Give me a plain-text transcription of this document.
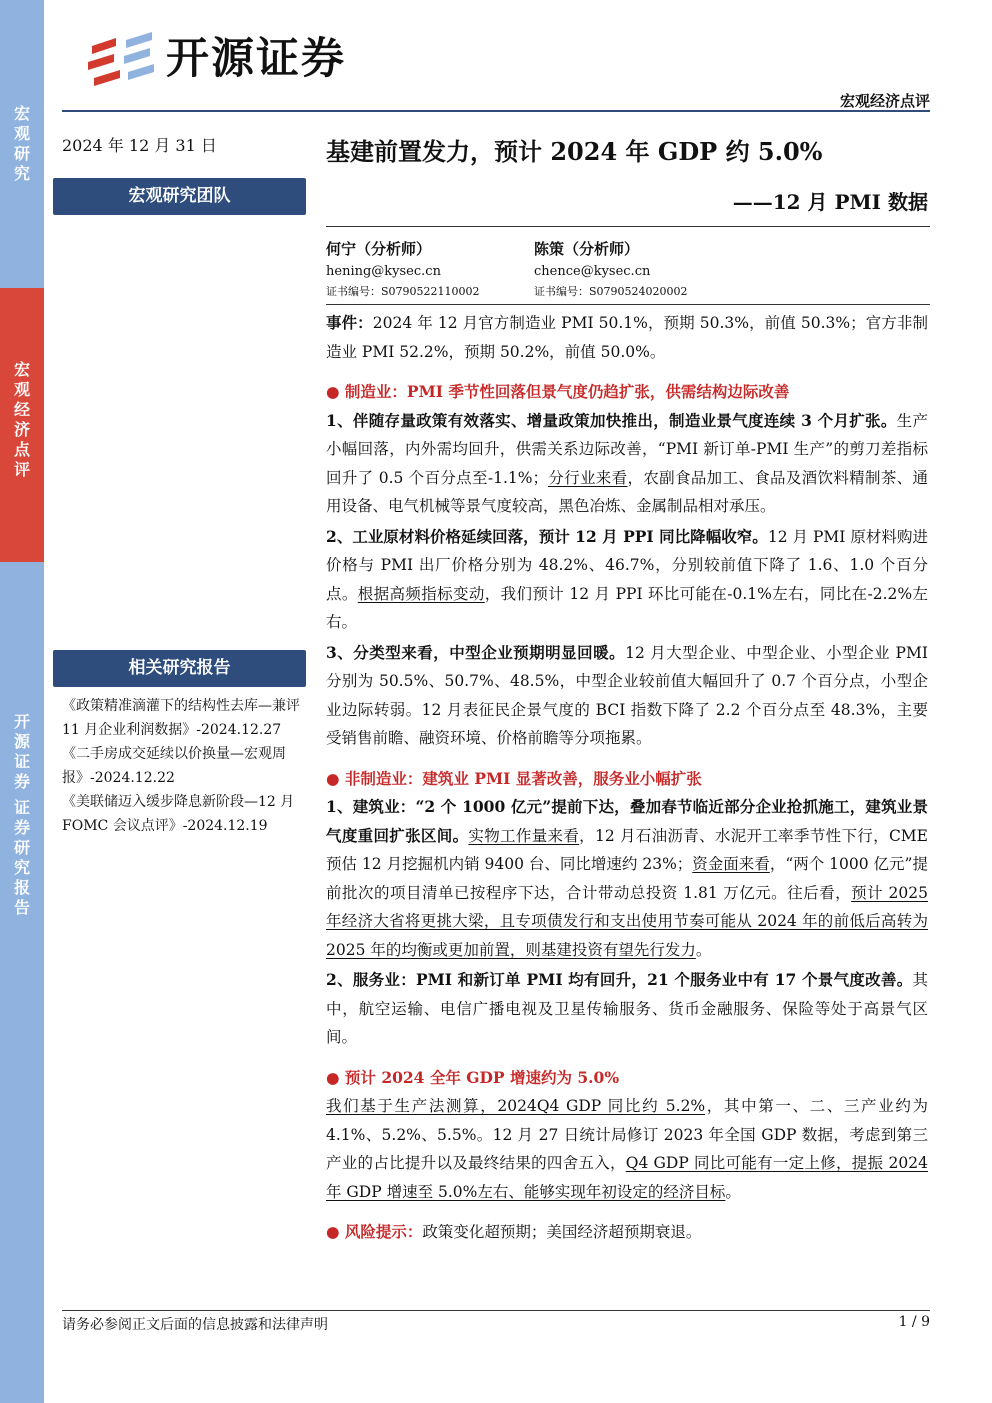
宏
观
研
究
宏
观
经
济
点
评
开
源
证
券

证
券
研
究
报
告
开源证券
宏观经济点评
2024 年 12 月 31 日
宏观研究团队
相关研究报告

《政策精准滴灌下的结构性去库—兼评 11 月企业利润数据》-2024.12.27

《二手房成交延续以价换量—宏观周报》-2024.12.22

《美联储迈入缓步降息新阶段—12 月 FOMC 会议点评》-2024.12.19

基建前置发力，预计 2024 年 GDP 约 5.0%
——12 月 PMI 数据
何宁（分析师）
hening@kysec.cn
证书编号：S0790522110002
陈策（分析师）
chence@kysec.cn
证书编号：S0790524020002
事件：2024 年 12 月官方制造业 PMI 50.1%，预期 50.3%，前值 50.3%；官方非制造业 PMI 52.2%，预期 50.2%，前值 50.0%。
● 制造业：PMI 季节性回落但景气度仍趋扩张，供需结构边际改善
1、伴随存量政策有效落实、增量政策加快推出，制造业景气度连续 3 个月扩张。生产小幅回落，内外需均回升，供需关系边际改善，“PMI 新订单-PMI 生产”的剪刀差指标回升了 0.5 个百分点至-1.1%；分行业来看，农副食品加工、食品及酒饮料精制茶、通用设备、电气机械等景气度较高，黑色冶炼、金属制品相对承压。
2、工业原材料价格延续回落，预计 12 月 PPI 同比降幅收窄。12 月 PMI 原材料购进价格与 PMI 出厂价格分别为 48.2%、46.7%，分别较前值下降了 1.6、1.0 个百分点。根据高频指标变动，我们预计 12 月 PPI 环比可能在-0.1%左右，同比在-2.2%左右。
3、分类型来看，中型企业预期明显回暖。12 月大型企业、中型企业、小型企业 PMI 分别为 50.5%、50.7%、48.5%，中型企业较前值大幅回升了 0.7 个百分点，小型企业边际转弱。12 月表征民企景气度的 BCI 指数下降了 2.2 个百分点至 48.3%，主要受销售前瞻、融资环境、价格前瞻等分项拖累。
● 非制造业：建筑业 PMI 显著改善，服务业小幅扩张
1、建筑业：“2 个 1000 亿元”提前下达，叠加春节临近部分企业抢抓施工，建筑业景气度重回扩张区间。实物工作量来看，12 月石油沥青、水泥开工率季节性下行，CME 预估 12 月挖掘机内销 9400 台、同比增速约 23%；资金面来看，“两个 1000 亿元”提前批次的项目清单已按程序下达，合计带动总投资 1.81 万亿元。往后看，预计 2025 年经济大省将更挑大梁，且专项债发行和支出使用节奏可能从 2024 年的前低后高转为 2025 年的均衡或更加前置，则基建投资有望先行发力。
2、服务业：PMI 和新订单 PMI 均有回升，21 个服务业中有 17 个景气度改善。其中，航空运输、电信广播电视及卫星传输服务、货币金融服务、保险等处于高景气区间。
● 预计 2024 全年 GDP 增速约为 5.0%
我们基于生产法测算，2024Q4 GDP 同比约 5.2%，其中第一、二、三产业约为 4.1%、5.2%、5.5%。12 月 27 日统计局修订 2023 年全国 GDP 数据，考虑到第三产业的占比提升以及最终结果的四舍五入，Q4 GDP 同比可能有一定上修，提振 2024 年 GDP 增速至 5.0%左右、能够实现年初设定的经济目标。
● 风险提示：政策变化超预期；美国经济超预期衰退。
请务必参阅正文后面的信息披露和法律声明	1 / 9
